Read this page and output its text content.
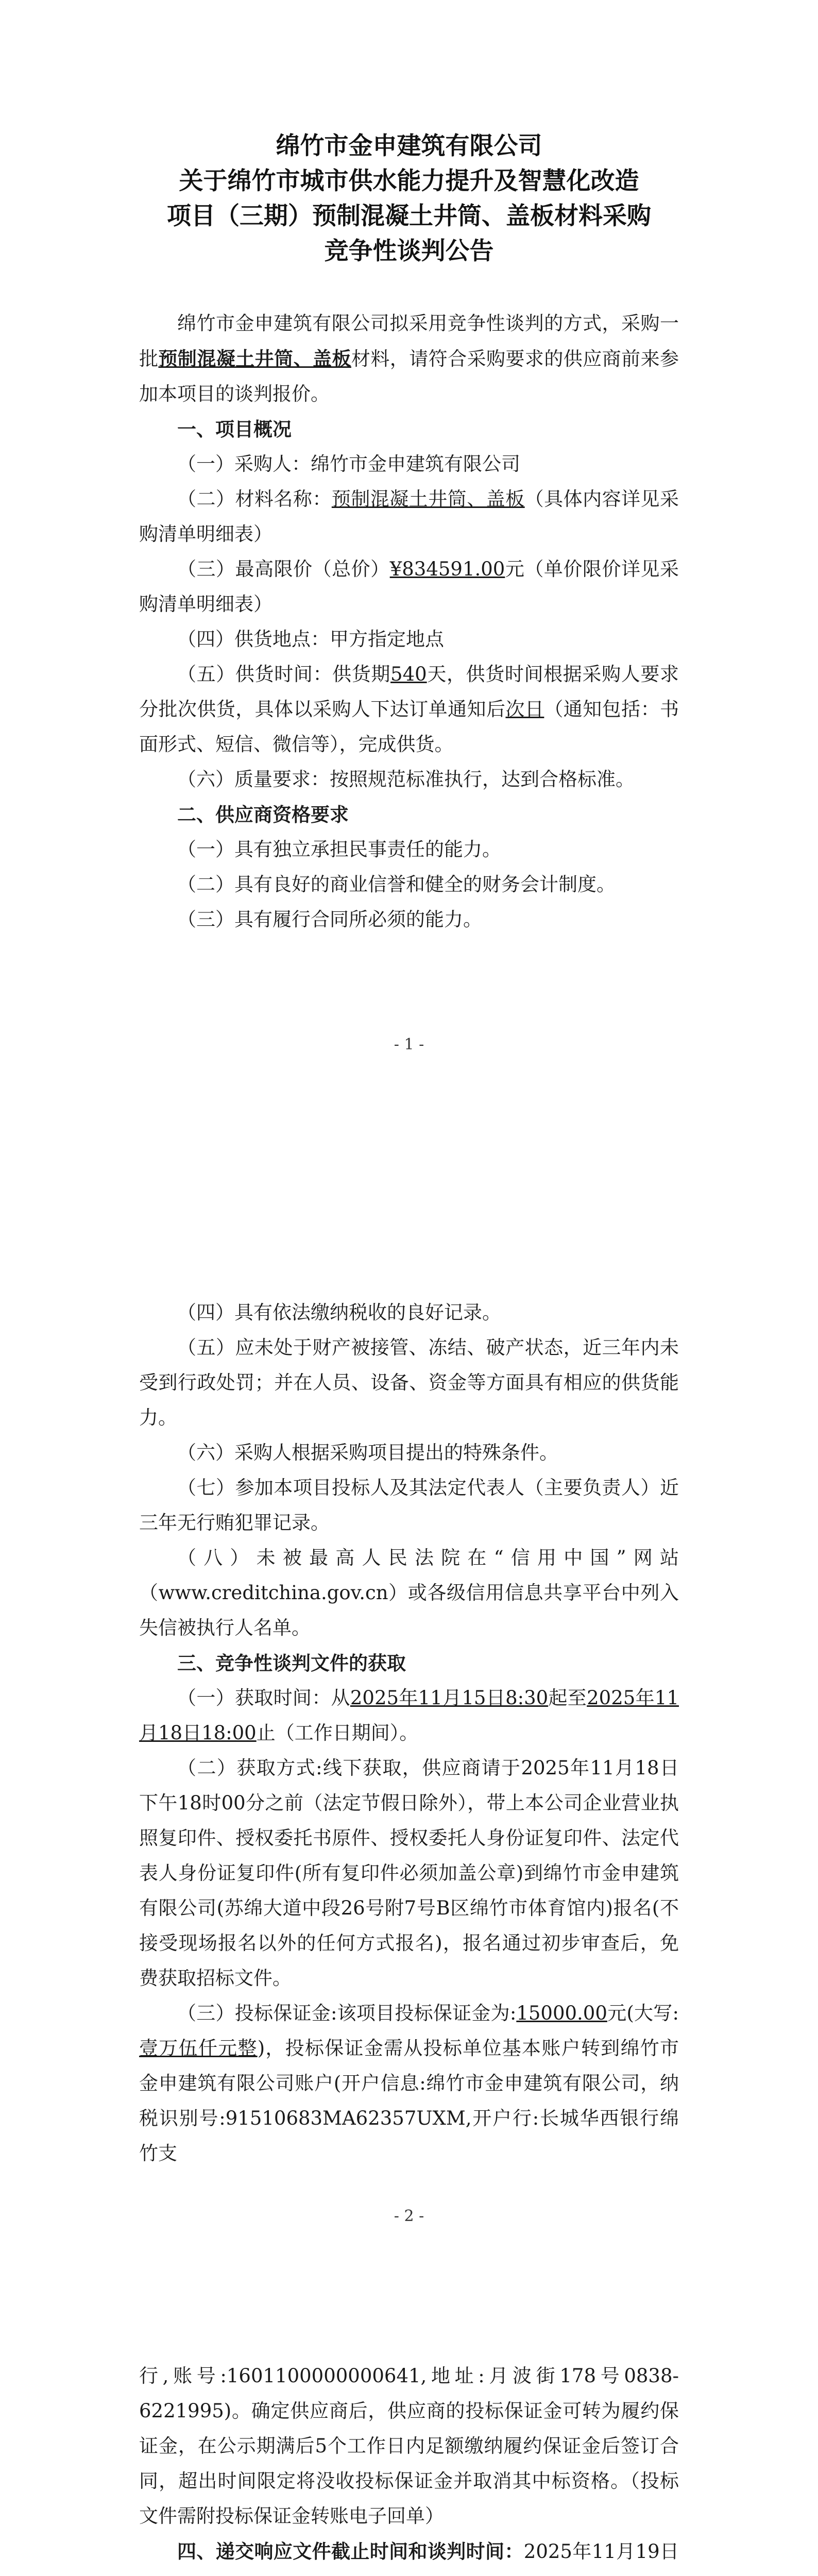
绵竹市金申建筑有限公司
关于绵竹市城市供水能力提升及智慧化改造
项目（三期）预制混凝土井筒、盖板材料采购
竞争性谈判公告

绵竹市金申建筑有限公司拟采用竞争性谈判的方式，采购一批预制混凝土井筒、盖板材料，请符合采购要求的供应商前来参加本项目的谈判报价。

一、项目概况

（一）采购人：绵竹市金申建筑有限公司

（二）材料名称：预制混凝土井筒、盖板（具体内容详见采购清单明细表）

（三）最高限价（总价）¥834591.00元（单价限价详见采购清单明细表）

（四）供货地点：甲方指定地点

（五）供货时间：供货期540天，供货时间根据采购人要求分批次供货，具体以采购人下达订单通知后次日（通知包括：书面形式、短信、微信等），完成供货。

（六）质量要求：按照规范标准执行，达到合格标准。

二、供应商资格要求

（一）具有独立承担民事责任的能力。

（二）具有良好的商业信誉和健全的财务会计制度。

（三）具有履行合同所必须的能力。

- 1 -

（四）具有依法缴纳税收的良好记录。

（五）应未处于财产被接管、冻结、破产状态，近三年内未受到行政处罚；并在人员、设备、资金等方面具有相应的供货能力。

（六）采购人根据采购项目提出的特殊条件。

（七）参加本项目投标人及其法定代表人（主要负责人）近三年无行贿犯罪记录。

（八）未被最高人民法院在“信用中国”网站（www.creditchina.gov.cn）或各级信用信息共享平台中列入失信被执行人名单。

三、竞争性谈判文件的获取

（一）获取时间：从2025年11月15日8:30起至2025年11月18日18:00止（工作日期间）。

（二）获取方式:线下获取，供应商请于2025年11月18日下午18时00分之前（法定节假日除外），带上本公司企业营业执照复印件、授权委托书原件、授权委托人身份证复印件、法定代表人身份证复印件(所有复印件必须加盖公章)到绵竹市金申建筑有限公司(苏绵大道中段26号附7号B区绵竹市体育馆内)报名(不接受现场报名以外的任何方式报名)，报名通过初步审查后，免费获取招标文件。

（三）投标保证金:该项目投标保证金为:15000.00元(大写:壹万伍仟元整)，投标保证金需从投标单位基本账户转到绵竹市金申建筑有限公司账户(开户信息:绵竹市金申建筑有限公司，纳税识别号:91510683MA62357UXM,开户行:长城华西银行绵竹支

- 2 -

行,账号:1601100000000641,地址:月波街178号0838-6221995)。确定供应商后，供应商的投标保证金可转为履约保证金，在公示期满后5个工作日内足额缴纳履约保证金后签订合同，超出时间限定将没收投标保证金并取消其中标资格。（投标文件需附投标保证金转账电子回单）

四、递交响应文件截止时间和谈判时间：2025年11月19日
